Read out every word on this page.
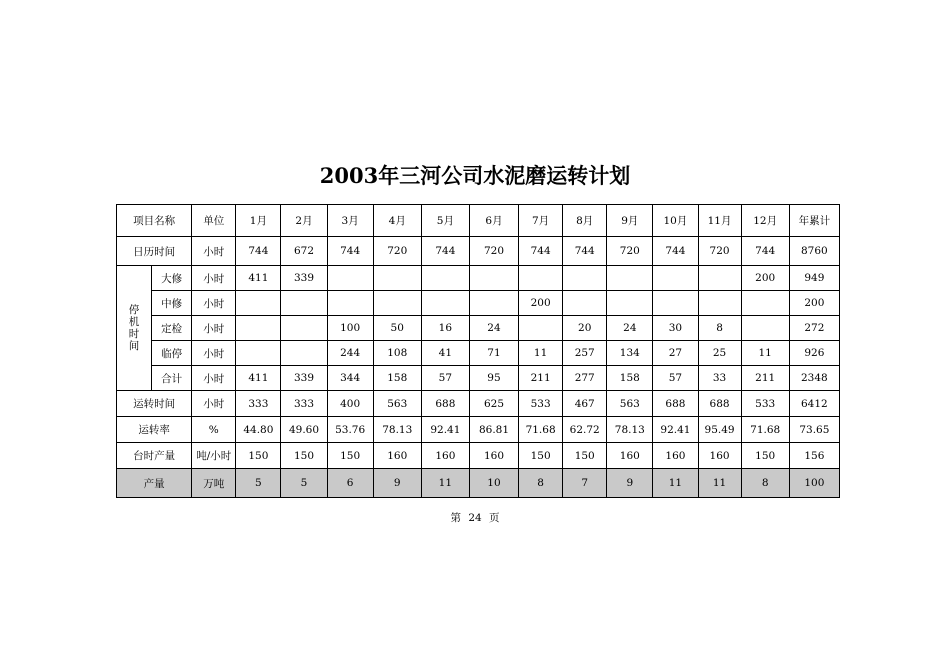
2003年三河公司水泥磨运转计划
项目名称		单位	1月	2月	3月	4月	5月	6月	7月	8月	9月	10月	11月	12月	年累计
日历时间		小时	744	672	744	720	744	720	744	744	720	744	720	744	8760

停
机
时
间	大修	小时	411	339										200	949
	中修	小时							200						200
	定检	小时			100	50	16	24		20	24	30	8		272
	临停	小时			244	108	41	71	11	257	134	27	25	11	926
	合计	小时	411	339	344	158	57	95	211	277	158	57	33	211	2348
运转时间		小时	333	333	400	563	688	625	533	467	563	688	688	533	6412
运转率		%	44.80	49.60	53.76	78.13	92.41	86.81	71.68	62.72	78.13	92.41	95.49	71.68	73.65
台时产量		吨/小时	150	150	150	160	160	160	150	150	160	160	160	150	156
产量		万吨	5	5	6	9	11	10	8	7	9	11	11	8	100
第 24 页
